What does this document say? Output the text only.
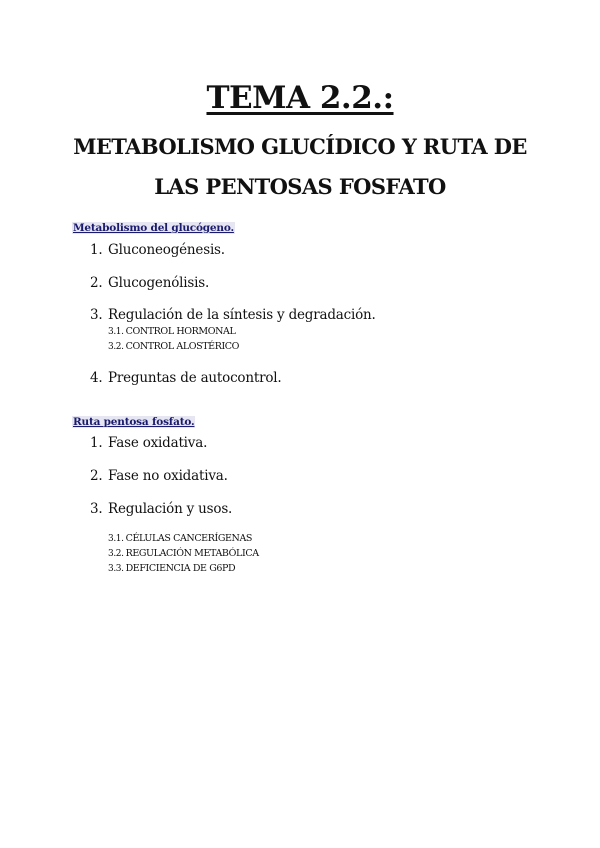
TEMA 2.2.:
METABOLISMO GLUCÍDICO Y RUTA DE
LAS PENTOSAS FOSFATO
Metabolismo del glucógeno.
1. Gluconeogénesis.
2. Glucogenólisis.
3. Regulación de la síntesis y degradación.
3.1. CONTROL HORMONAL
3.2. CONTROL ALOSTÉRICO
4. Preguntas de autocontrol.
Ruta pentosa fosfato.
1. Fase oxidativa.
2. Fase no oxidativa.
3. Regulación y usos.
3.1. CÉLULAS CANCERÍGENAS
3.2. REGULACIÓN METABÓLICA
3.3. DEFICIENCIA DE G6PD
